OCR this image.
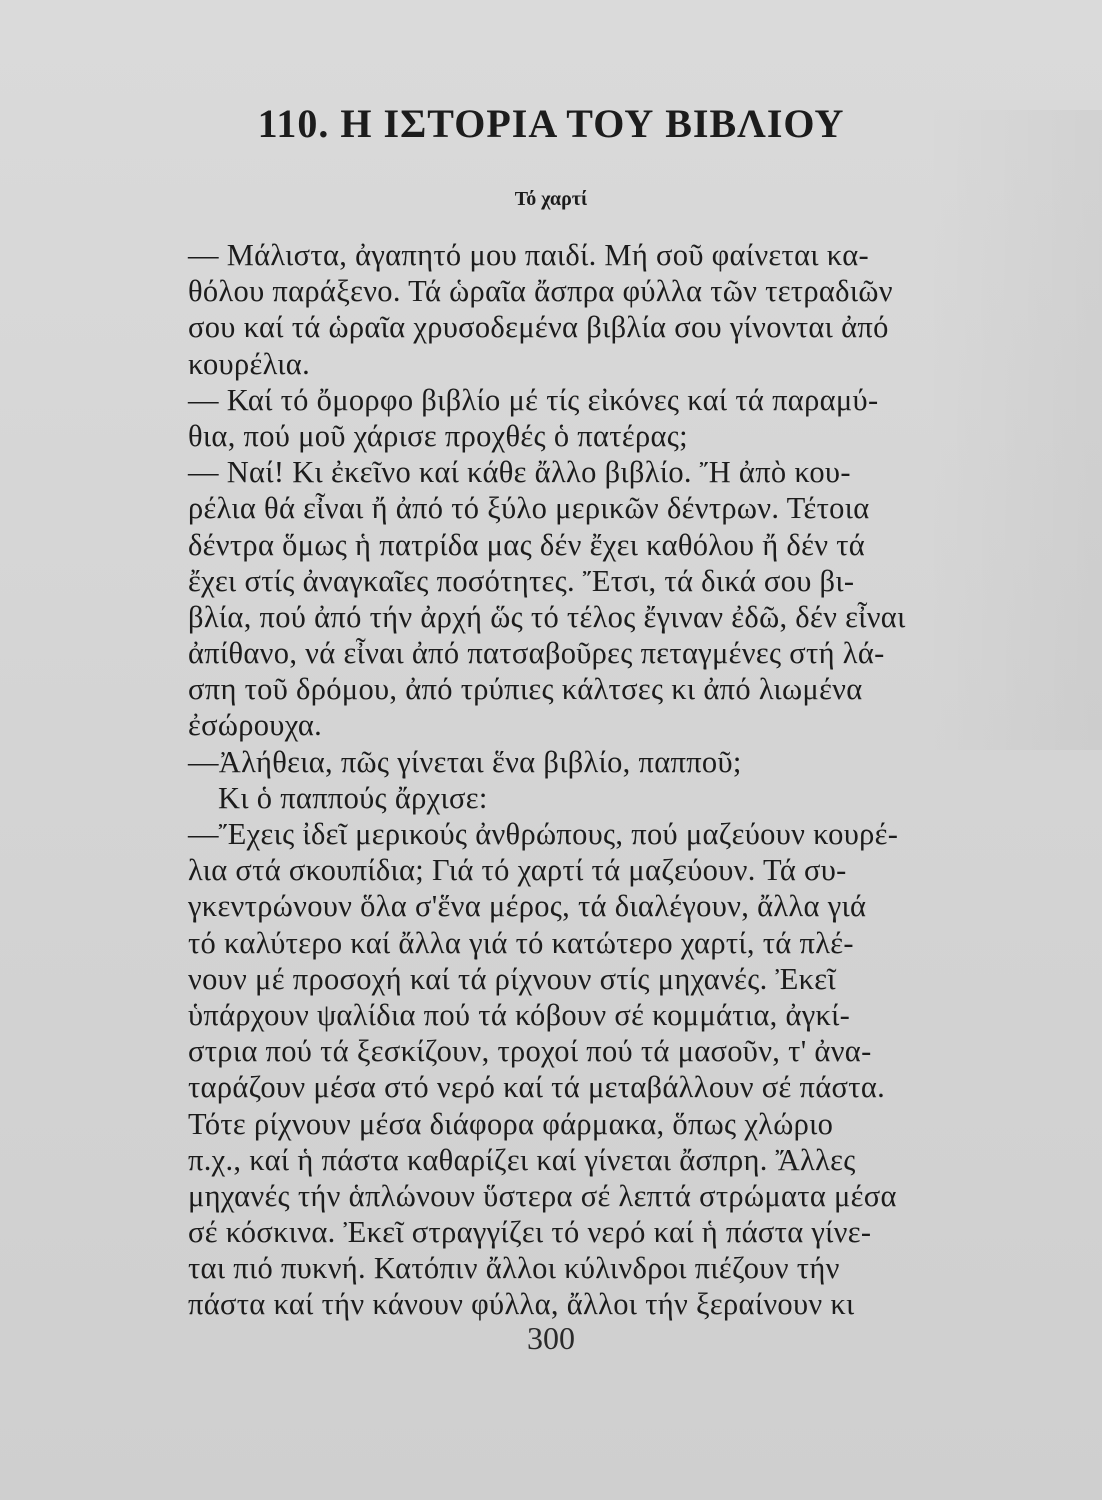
110. Η ΙΣΤΟΡΙΑ ΤΟΥ ΒΙΒΛΙΟΥ
Τό χαρτί
— Μάλιστα, ἀγαπητό μου παιδί. Μή σοῦ φαίνεται κα-
θόλου παράξενο. Τά ὡραῖα ἄσπρα φύλλα τῶν τετραδιῶν
σου καί τά ὡραῖα χρυσοδεμένα βιβλία σου γίνονται ἀπό
κουρέλια.
— Καί τό ὄμορφο βιβλίο μέ τίς εἰκόνες καί τά παραμύ-
θια, πού μοῦ χάρισε προχθές ὁ πατέρας;
— Ναί! Κι ἐκεῖνο καί κάθε ἄλλο βιβλίο. Ἤ ἀπὸ κου-
ρέλια θά εἶναι ἤ ἀπό τό ξύλο μερικῶν δέντρων. Τέτοια
δέντρα ὅμως ἡ πατρίδα μας δέν ἔχει καθόλου ἤ δέν τά
ἔχει στίς ἀναγκαῖες ποσότητες. Ἔτσι, τά δικά σου βι-
βλία, πού ἀπό τήν ἀρχή ὥς τό τέλος ἔγιναν ἐδῶ, δέν εἶναι
ἀπίθανο, νά εἶναι ἀπό πατσαβοῦρες πεταγμένες στή λά-
σπη τοῦ δρόμου, ἀπό τρύπιες κάλτσες κι ἀπό λιωμένα
ἐσώρουχα.
—Ἀλήθεια, πῶς γίνεται ἕνα βιβλίο, παπποῦ;
Κι ὁ παππούς ἄρχισε:
—Ἔχεις ἰδεῖ μερικούς ἀνθρώπους, πού μαζεύουν κουρέ-
λια στά σκουπίδια; Γιά τό χαρτί τά μαζεύουν. Τά συ-
γκεντρώνουν ὅλα σ'ἕνα μέρος, τά διαλέγουν, ἄλλα γιά
τό καλύτερο καί ἄλλα γιά τό κατώτερο χαρτί, τά πλέ-
νουν μέ προσοχή καί τά ρίχνουν στίς μηχανές. Ἐκεῖ
ὑπάρχουν ψαλίδια πού τά κόβουν σέ κομμάτια, ἀγκί-
στρια πού τά ξεσκίζουν, τροχοί πού τά μασοῦν, τ' ἀνα-
ταράζουν μέσα στό νερό καί τά μεταβάλλουν σέ πάστα.
Τότε ρίχνουν μέσα διάφορα φάρμακα, ὅπως χλώριο
π.χ., καί ἡ πάστα καθαρίζει καί γίνεται ἄσπρη. Ἄλλες
μηχανές τήν ἁπλώνουν ὕστερα σέ λεπτά στρώματα μέσα
σέ κόσκινα. Ἐκεῖ στραγγίζει τό νερό καί ἡ πάστα γίνε-
ται πιό πυκνή. Κατόπιν ἄλλοι κύλινδροι πιέζουν τήν
πάστα καί τήν κάνουν φύλλα, ἄλλοι τήν ξεραίνουν κι
300
